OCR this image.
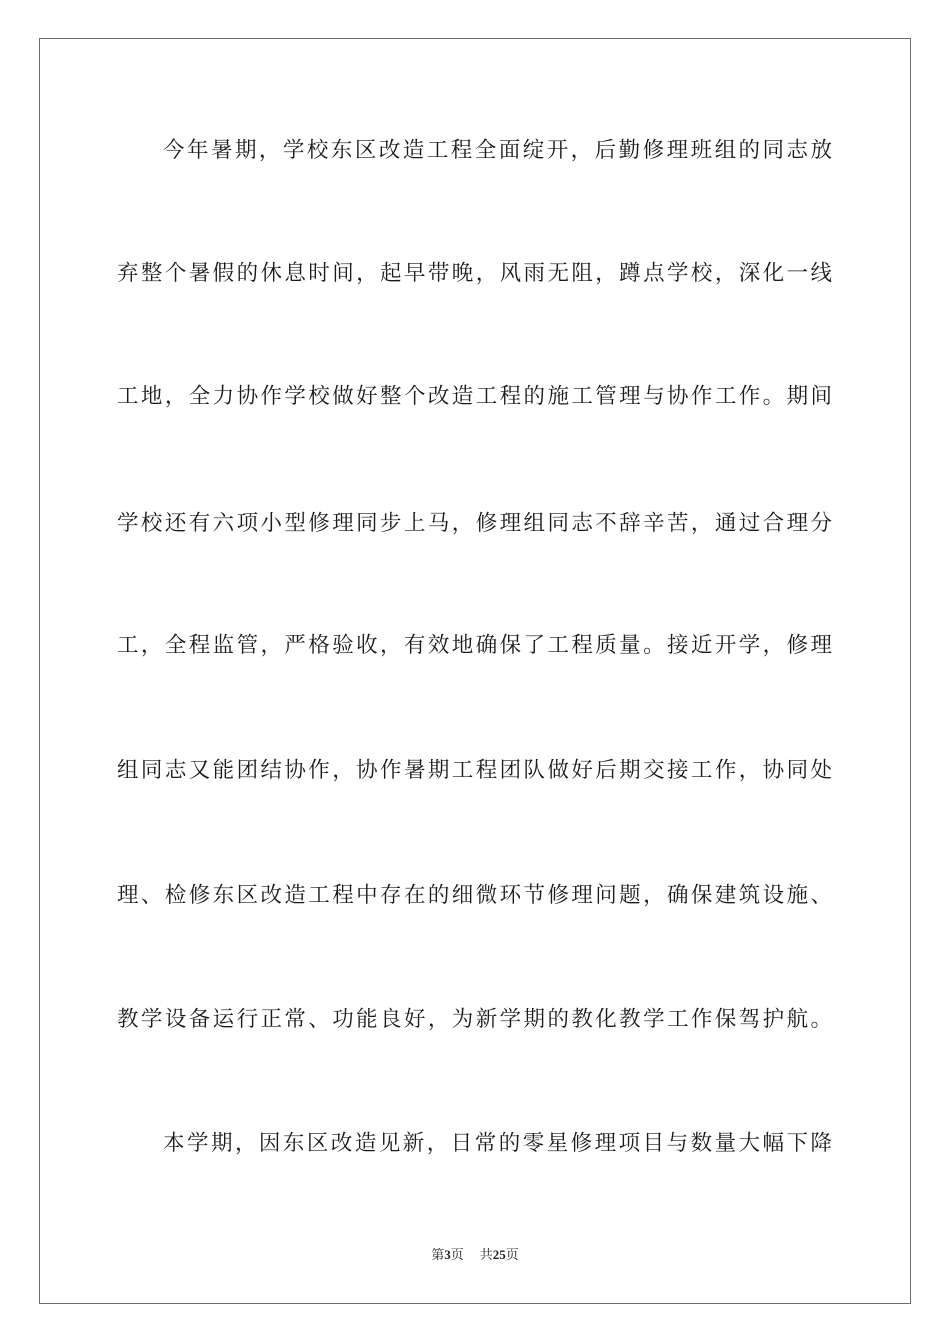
今年暑期，学校东区改造工程全面绽开，后勤修理班组的同志放
弃整个暑假的休息时间，起早带晚，风雨无阻，蹲点学校，深化一线
工地，全力协作学校做好整个改造工程的施工管理与协作工作。期间
学校还有六项小型修理同步上马，修理组同志不辞辛苦，通过合理分
工，全程监管，严格验收，有效地确保了工程质量。接近开学，修理
组同志又能团结协作，协作暑期工程团队做好后期交接工作，协同处
理、检修东区改造工程中存在的细微环节修理问题，确保建筑设施、
教学设备运行正常、功能良好，为新学期的教化教学工作保驾护航。
本学期，因东区改造见新，日常的零星修理项目与数量大幅下降
第3页 共25页
